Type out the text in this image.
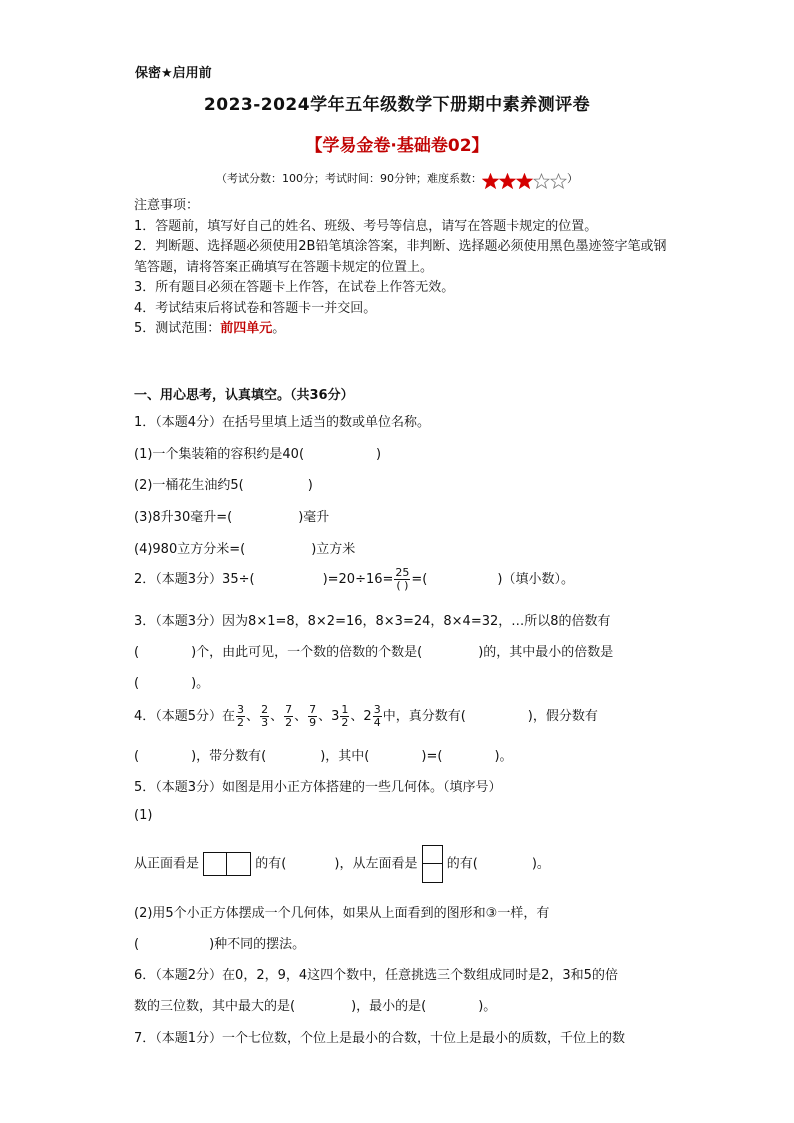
保密★启用前
2023-2024学年五年级数学下册期中素养测评卷
【学易金卷·基础卷02】
（考试分数：100分；考试时间：90分钟；难度系数：	）

注意事项：

1．答题前，填写好自己的姓名、班级、考号等信息，请写在答题卡规定的位置。

2．判断题、选择题必须使用2B铅笔填涂答案，非判断、选择题必须使用黑色墨迹签字笔或钢笔答题，请将答案正确填写在答题卡规定的位置上。

3．所有题目必须在答题卡上作答，在试卷上作答无效。

4．考试结束后将试卷和答题卡一并交回。

5．测试范围：前四单元。

一、用心思考，认真填空。（共36分）
1．（本题4分）在括号里填上适当的数或单位名称。
(1)一个集装箱的容积约是40(	)
(2)一桶花生油约5(	)
(3)8升30毫升=(	)毫升
(4)980立方分米=(	)立方米
2．（本题3分）35÷(	)$=20\div 16= \frac{25}{( )}$ =(	)（填小数）。
3．（本题3分）因为8×1=8，8×2=16，8×3=24，8×4=32，…所以8的倍数有
(	)个，由此可见，一个数的倍数的个数是(	)的，其中最小的倍数是
(	)。
4．（本题5分）在 $\frac{3}{2}$ 、 $\frac{2}{3}$ 、 $\frac{7}{2}$ 、 $\frac{7}{9}$ 、$3 \frac{1}{2}$ 、$2 \frac{3}{4}$ 中，真分数有(	)，假分数有
(	)，带分数有(	)，其中(	)=(	)。
5．（本题3分）如图是用小正方体搭建的一些几何体。（填序号）
(1)
从正面看是	的有(	)，从左面看是 的有(	)。
(2)用5个小正方体摆成一个几何体，如果从上面看到的图形和③一样，有
(	)种不同的摆法。
6．（本题2分）在0，2，9，4这四个数中，任意挑选三个数组成同时是2，3和5的倍
数的三位数，其中最大的是(	)，最小的是(	)。
7．（本题1分）一个七位数，个位上是最小的合数，十位上是最小的质数，千位上的数
